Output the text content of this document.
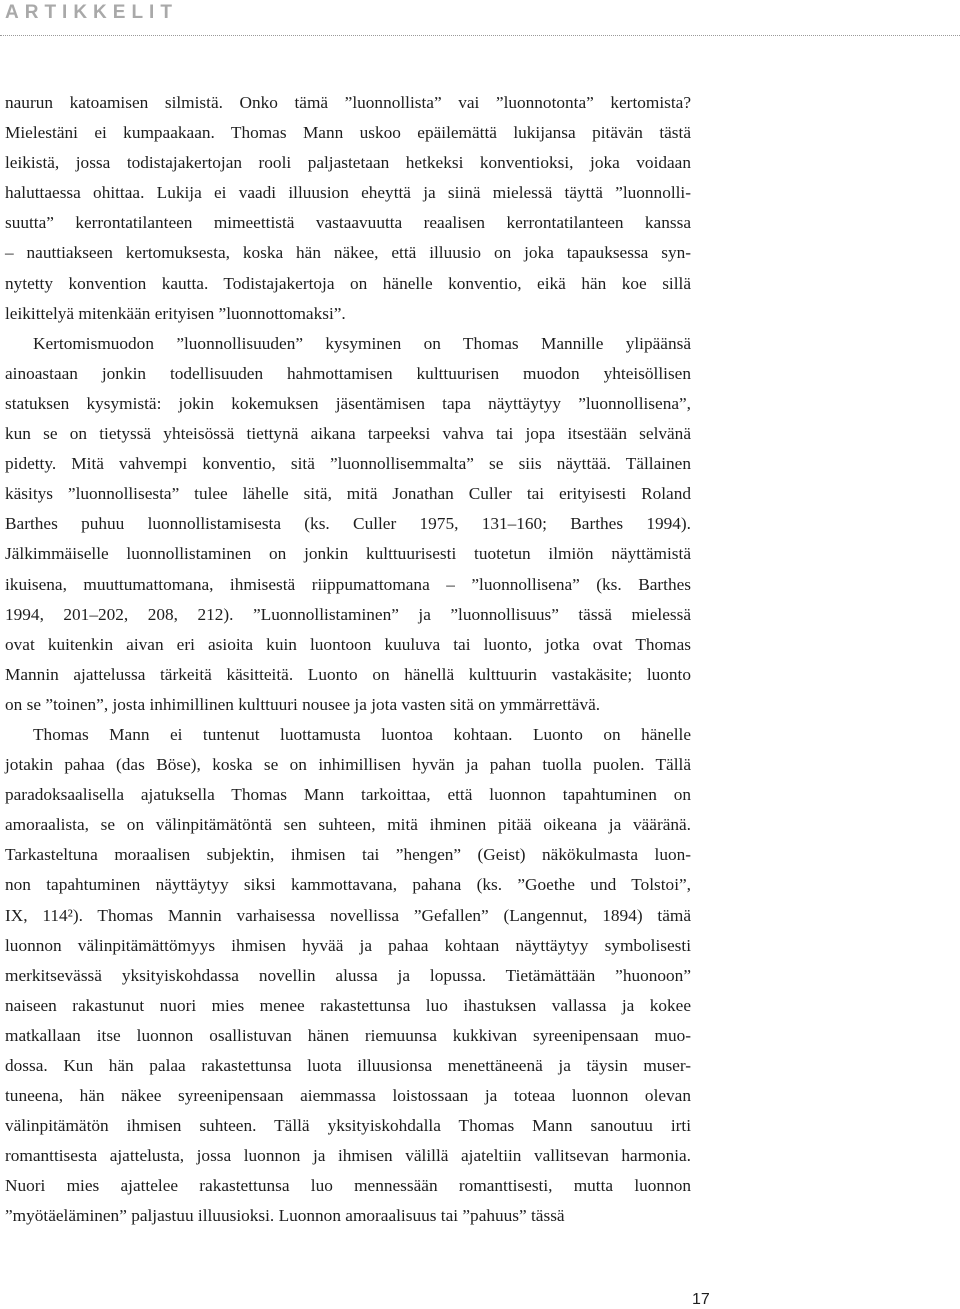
ARTIKKELIT
naurun katoamisen silmistä. Onko tämä ”luonnollista” vai ”luonnotonta” kertomista?
Mielestäni ei kumpaakaan. Thomas Mann uskoo epäilemättä lukijansa pitävän tästä
leikistä, jossa todistajakertojan rooli paljastetaan hetkeksi konventioksi, joka voidaan
haluttaessa ohittaa. Lukija ei vaadi illuusion eheyttä ja siinä mielessä täyttä ”luonnolli-
suutta” kerrontatilanteen mimeettistä vastaavuutta reaalisen kerrontatilanteen kanssa
– nauttiakseen kertomuksesta, koska hän näkee, että illuusio on joka tapauksessa syn-
nytetty konvention kautta. Todistajakertoja on hänelle konventio, eikä hän koe sillä
leikittelyä mitenkään erityisen ”luonnottomaksi”.
Kertomismuodon ”luonnollisuuden” kysyminen on Thomas Mannille ylipäänsä
ainoastaan jonkin todellisuuden hahmottamisen kulttuurisen muodon yhteisöllisen
statuksen kysymistä: jokin kokemuksen jäsentämisen tapa näyttäytyy ”luonnollisena”,
kun se on tietyssä yhteisössä tiettynä aikana tarpeeksi vahva tai jopa itsestään selvänä
pidetty. Mitä vahvempi konventio, sitä ”luonnollisemmalta” se siis näyttää. Tällainen
käsitys ”luonnollisesta” tulee lähelle sitä, mitä Jonathan Culler tai erityisesti Roland
Barthes puhuu luonnollistamisesta (ks. Culler 1975, 131–160; Barthes 1994).
Jälkimmäiselle luonnollistaminen on jonkin kulttuurisesti tuotetun ilmiön näyttämistä
ikuisena, muuttumattomana, ihmisestä riippumattomana – ”luonnollisena” (ks. Barthes
1994, 201–202, 208, 212). ”Luonnollistaminen” ja ”luonnollisuus” tässä mielessä
ovat kuitenkin aivan eri asioita kuin luontoon kuuluva tai luonto, jotka ovat Thomas
Mannin ajattelussa tärkeitä käsitteitä. Luonto on hänellä kulttuurin vastakäsite; luonto
on se ”toinen”, josta inhimillinen kulttuuri nousee ja jota vasten sitä on ymmärrettävä.
Thomas Mann ei tuntenut luottamusta luontoa kohtaan. Luonto on hänelle
jotakin pahaa (das Böse), koska se on inhimillisen hyvän ja pahan tuolla puolen. Tällä
paradoksaalisella ajatuksella Thomas Mann tarkoittaa, että luonnon tapahtuminen on
amoraalista, se on välinpitämätöntä sen suhteen, mitä ihminen pitää oikeana ja vääränä.
Tarkasteltuna moraalisen subjektin, ihmisen tai ”hengen” (Geist) näkökulmasta luon-
non tapahtuminen näyttäytyy siksi kammottavana, pahana (ks. ”Goethe und Tolstoi”,
IX, 114²). Thomas Mannin varhaisessa novellissa ”Gefallen” (Langennut, 1894) tämä
luonnon välinpitämättömyys ihmisen hyvää ja pahaa kohtaan näyttäytyy symbolisesti
merkitsevässä yksityiskohdassa novellin alussa ja lopussa. Tietämättään ”huonoon”
naiseen rakastunut nuori mies menee rakastettunsa luo ihastuksen vallassa ja kokee
matkallaan itse luonnon osallistuvan hänen riemuunsa kukkivan syreenipensaan muo-
dossa. Kun hän palaa rakastettunsa luota illuusionsa menettäneenä ja täysin muser-
tuneena, hän näkee syreenipensaan aiemmassa loistossaan ja toteaa luonnon olevan
välinpitämätön ihmisen suhteen. Tällä yksityiskohdalla Thomas Mann sanoutuu irti
romanttisesta ajattelusta, jossa luonnon ja ihmisen välillä ajateltiin vallitsevan harmonia.
Nuori mies ajattelee rakastettunsa luo mennessään romanttisesti, mutta luonnon
”myötäeläminen” paljastuu illuusioksi. Luonnon amoraalisuus tai ”pahuus” tässä
17
